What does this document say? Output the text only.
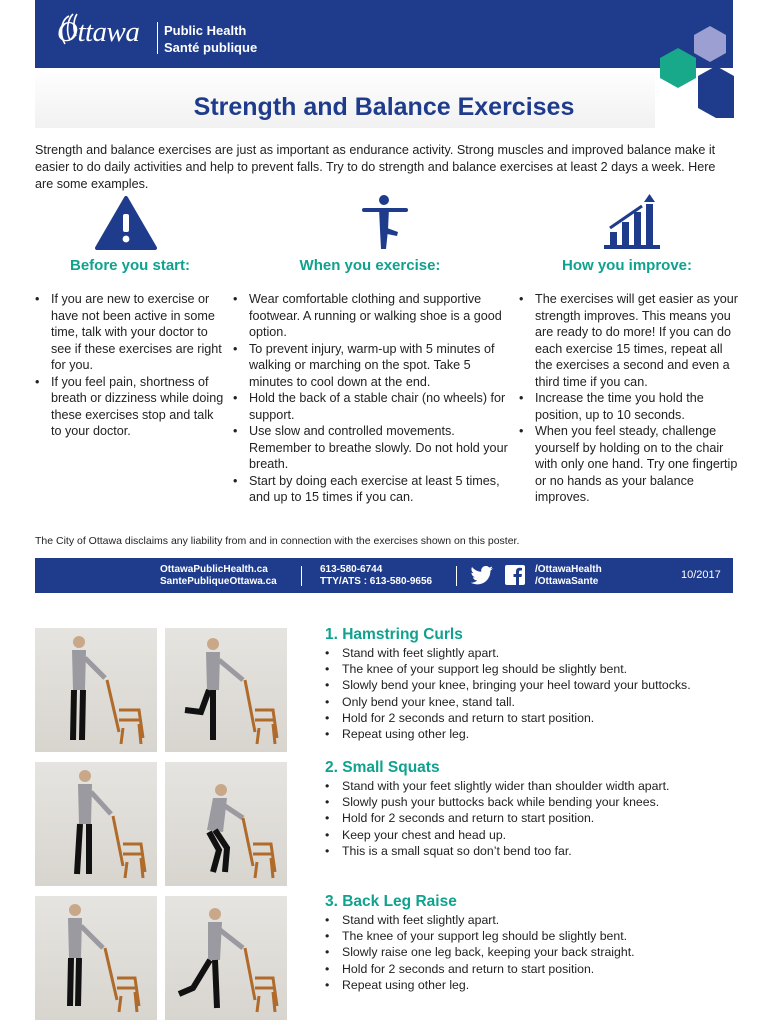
Ottawa Public Health
Santé publique
Strength and Balance Exercises
Strength and balance exercises are just as important as endurance activity. Strong muscles and improved balance make it easier to do daily activities and help to prevent falls. Try to do strength and balance exercises at least 2 days a week. Here are some examples.
Before you start:	When you exercise:	How you improve:
• If you are new to exercise or have not been active in some time, talk with your doctor to see if these exercises are right for you.
• If you feel pain, shortness of breath or dizziness while doing these exercises stop and talk to your doctor.
• Wear comfortable clothing and supportive footwear. A running or walking shoe is a good option.
• To prevent injury, warm-up with 5 minutes of walking or marching on the spot. Take 5 minutes to cool down at the end.
• Hold the back of a stable chair (no wheels) for support.
• Use slow and controlled movements. Remember to breathe slowly. Do not hold your breath.
• Start by doing each exercise at least 5 times, and up to 15 times if you can.
• The exercises will get easier as your strength improves. This means you are ready to do more! If you can do each exercise 15 times, repeat all the exercises a second and even a third time if you can.
• Increase the time you hold the position, up to 10 seconds.
• When you feel steady, challenge yourself by holding on to the chair with only one hand. Try one fingertip or no hands as your balance improves.
The City of Ottawa disclaims any liability from and in connection with the exercises shown on this poster.
OttawaPublicHealth.ca
SantePubliqueOttawa.ca
613-580-6744
TTY/ATS : 613-580-9656
/OttawaHealth
/OttawaSante
10/2017
1. Hamstring Curls
• Stand with feet slightly apart.
• The knee of your support leg should be slightly bent.
• Slowly bend your knee, bringing your heel toward your buttocks.
• Only bend your knee, stand tall.
• Hold for 2 seconds and return to start position.
• Repeat using other leg.
2. Small Squats
• Stand with your feet slightly wider than shoulder width apart.
• Slowly push your buttocks back while bending your knees.
• Hold for 2 seconds and return to start position.
• Keep your chest and head up.
• This is a small squat so don’t bend too far.
3. Back Leg Raise
• Stand with feet slightly apart.
• The knee of your support leg should be slightly bent.
• Slowly raise one leg back, keeping your back straight.
• Hold for 2 seconds and return to start position.
• Repeat using other leg.
